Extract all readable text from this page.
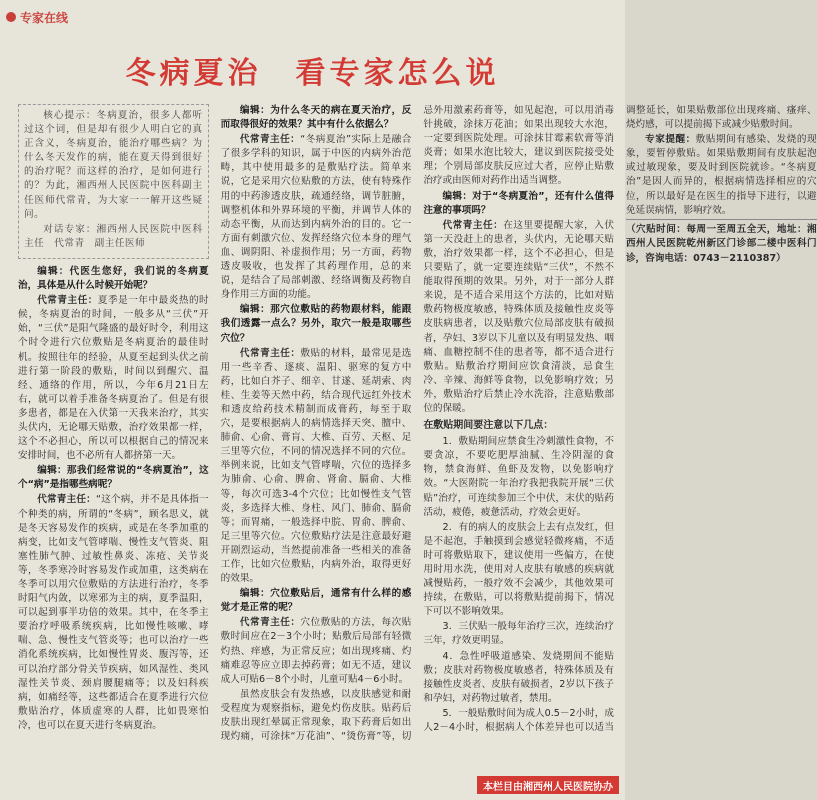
专家在线
冬病夏治　看专家怎么说

核心提示：冬病夏治，很多人都听过这个词，但是却有很少人明白它的真正含义，冬病夏治，能治疗哪些病？为什么冬天发作的病，能在夏天得到很好的治疗呢？而这样的治疗，是如何进行的？为此，湘西州人民医院中医科副主任医师代常青，为大家一一解开这些疑问。

对话专家：湘西州人民医院中医科主任　代常青　副主任医师

编辑：代医生您好，我们说的冬病夏治，具体是从什么时候开始呢？

代常青主任：夏季是一年中最炎热的时候，冬病夏治的时间，一般多从“三伏”开始，“三伏”是阳气隆盛的最好时令，利用这个时令进行穴位敷贴是冬病夏治的最佳时机。按照往年的经验，从夏至起到头伏之前进行第一阶段的敷贴，时间以到醒穴、温经、通络的作用，所以，今年6月21日左右，就可以着手准备冬病夏治了。但是有很多患者，都是在入伏第一天我来治疗，其实头伏内，无论哪天贴敷，治疗效果都一样，这个不必担心，所以可以根据自己的情况来安排时间，也不必所有人都挤第一天。

编辑：那我们经常说的“冬病夏治”，这个“病”是指哪些病呢？

代常青主任：“这个病，并不是具体指一个种类的病，所谓的“冬病”，顾名思义，就是冬天容易发作的疾病，或是在冬季加重的病变，比如支气管哮喘、慢性支气管炎、阻塞性肺气肿、过敏性鼻炎、冻疮、关节炎等，冬季寒冷时容易发作或加重，这类病在冬季可以用穴位敷贴的方法进行治疗，冬季时阳气内敛，以寒邪为主的病，夏季温阳，可以起到事半功倍的效果。其中，在冬季主要治疗呼吸系统疾病，比如慢性咳嗽、哮喘、急、慢性支气管炎等；也可以治疗一些消化系统疾病，比如慢性胃炎、腹泻等，还可以治疗部分骨关节疾病，如风湿性、类风湿性关节炎、颈肩腰腿痛等；以及妇科疾病，如痛经等，这些都适合在夏季进行穴位敷贴治疗，体质虚寒的人群，比如畏寒怕冷，也可以在夏天进行冬病夏治。

编辑：为什么冬天的病在夏天治疗，反而取得很好的效果？其中有什么依据么？

代常青主任：“冬病夏治”实际上是融合了很多学科的知识，属于中医的内病外治范畴，其中使用最多的是敷贴疗法。简单来说，它是采用穴位贴敷的方法，使有特殊作用的中药渗透皮肤，疏通经络，调节脏腑，调整机体和外界环境的平衡，并调节人体的动态平衡，从而达到内病外治的目的。它一方面有刺激穴位、发挥经络穴位本身的理气血、调阴阳、补虚损作用；另一方面，药物透皮吸收，也发挥了其药理作用，总的来说，是结合了局部刺激、经络调衡及药物自身作用三方面的功能。

编辑：那穴位敷贴的药物跟材料，能跟我们透露一点么？另外，取穴一般是取哪些穴位？

代常青主任：敷贴的材料，最常见是选用一些辛香、逐痰、温阳、驱寒的复方中药，比如白芥子、细辛、甘遂、延胡索、肉桂、生姜等天然中药，结合现代远红外技术和透皮给药技术精制而成膏药，每至于取穴，是要根据病人的病情选择天突、膻中、肺俞、心俞、膏肓、大椎、百劳、天枢、足三里等穴位，不同的情况选择不同的穴位。举例来说，比如支气管哮喘，穴位的选择多为肺俞、心俞、脾俞、肾俞、膈俞、大椎等，每次可选3-4个穴位；比如慢性支气管炎，多选择大椎、身柱、风门、肺俞、膈俞等；而胃痛，一般选择中脘、胃俞、脾俞、足三里等穴位。穴位敷贴疗法是注意最好避开剧烈运动，当然提前准备一些相关的准备工作，比如穴位敷贴，内病外治，取得更好的效果。

编辑：穴位敷贴后，通常有什么样的感觉才是正常的呢？

代常青主任：穴位敷贴的方法，每次贴敷时间应在2－3个小时；贴敷后局部有轻微灼热、痒感，为正常反应；如出现疼痛、灼痛难忍等应立即去掉药膏；如无不适，建议成人可贴6－8个小时，儿童可贴4－6小时。

虽然皮肤会有发热感，以皮肤感觉和耐受程度为观察指标，避免灼伤皮肤。贴药后皮肤出现红晕属正常现象，取下药膏后如出现灼痛，可涂抹“万花油”、“烫伤膏”等，切忌外用激素药膏等，如见起泡，可以用消毒针挑破，涂抹万花油；如果出现较大水泡，一定要到医院处理。可涂抹甘霉素软膏等消炎膏；如果水泡比较大，建议到医院接受处理；个别局部皮肤反应过大者，应停止贴敷治疗或由医师对药作出适当调整。

编辑：对于“冬病夏治”，还有什么值得注意的事项吗？

代常青主任：在这里要提醒大家，入伏第一天没赶上的患者，头伏内，无论哪天贴敷，治疗效果都一样，这个不必担心，但是只要贴了，就一定要连续贴“三伏”，不然不能取得预期的效果。另外，对于一部分人群来说，是不适合采用这个方法的，比如对贴敷药物极度敏感，特殊体质及接触性皮炎等皮肤病患者，以及贴敷穴位局部皮肤有破损者，孕妇、3岁以下儿童以及有明显发热、咽痛、血糖控制不佳的患者等，都不适合进行敷贴。贴敷治疗期间应饮食清淡，忌食生冷、辛辣、海鲜等食物，以免影响疗效；另外，敷贴治疗后禁止冷水洗浴，注意贴敷部位的保暖。

在敷贴期间要注意以下几点：

1．敷贴期间应禁食生冷刺激性食物，不要贪凉，不要吃肥厚油腻、生冷阴湿的食物，禁食海鲜、鱼虾及发物，以免影响疗效。“大医附院一年治疗我把我院开展“三伏贴”治疗，可连续参加三个中伏，末伏的贴药活动，疲倦，疲惫活动，疗效会更好。

2．有的病人的皮肤会上去有点发红，但是不起泡，手触摸到会感觉轻微疼痛，不适时可将敷贴取下，建议使用一些偏方，在使用时用水洗，使用对人皮肤有敏感的疾病就减慢贴药，一般疗效不会减少，其他效果可持续，在敷贴，可以将敷贴提前揭下，情况下可以不影响效果。

3．三伏贴一般每年治疗三次，连续治疗三年，疗效更明显。

4．急性呼吸道感染、发烧期间不能贴敷；皮肤对药物极度敏感者，特殊体质及有接触性皮炎者、皮肤有破损者，2岁以下孩子和孕妇，对药物过敏者，禁用。

5．一般贴敷时间为成人0.5－2小时，成人2－4小时，根据病人个体差异也可以适当调整延长，如果贴敷部位出现疼痛、瘙痒、烧灼感，可以提前揭下或减少贴敷时间。

专家提醒：敷贴期间有感染、发烧的现象，要暂停敷贴。如果贴敷期间有皮肤起泡或过敏现象，要及时到医院就诊。“冬病夏治”是因人而异的，根据病情选择相应的穴位，所以最好是在医生的指导下进行，以避免延误病情，影响疗效。

（穴贴时间：每周一至周五全天，地址：湘西州人民医院乾州新区门诊部二楼中医科门诊，咨询电话：0743－2110387）

本栏目由湘西州人民医院协办
